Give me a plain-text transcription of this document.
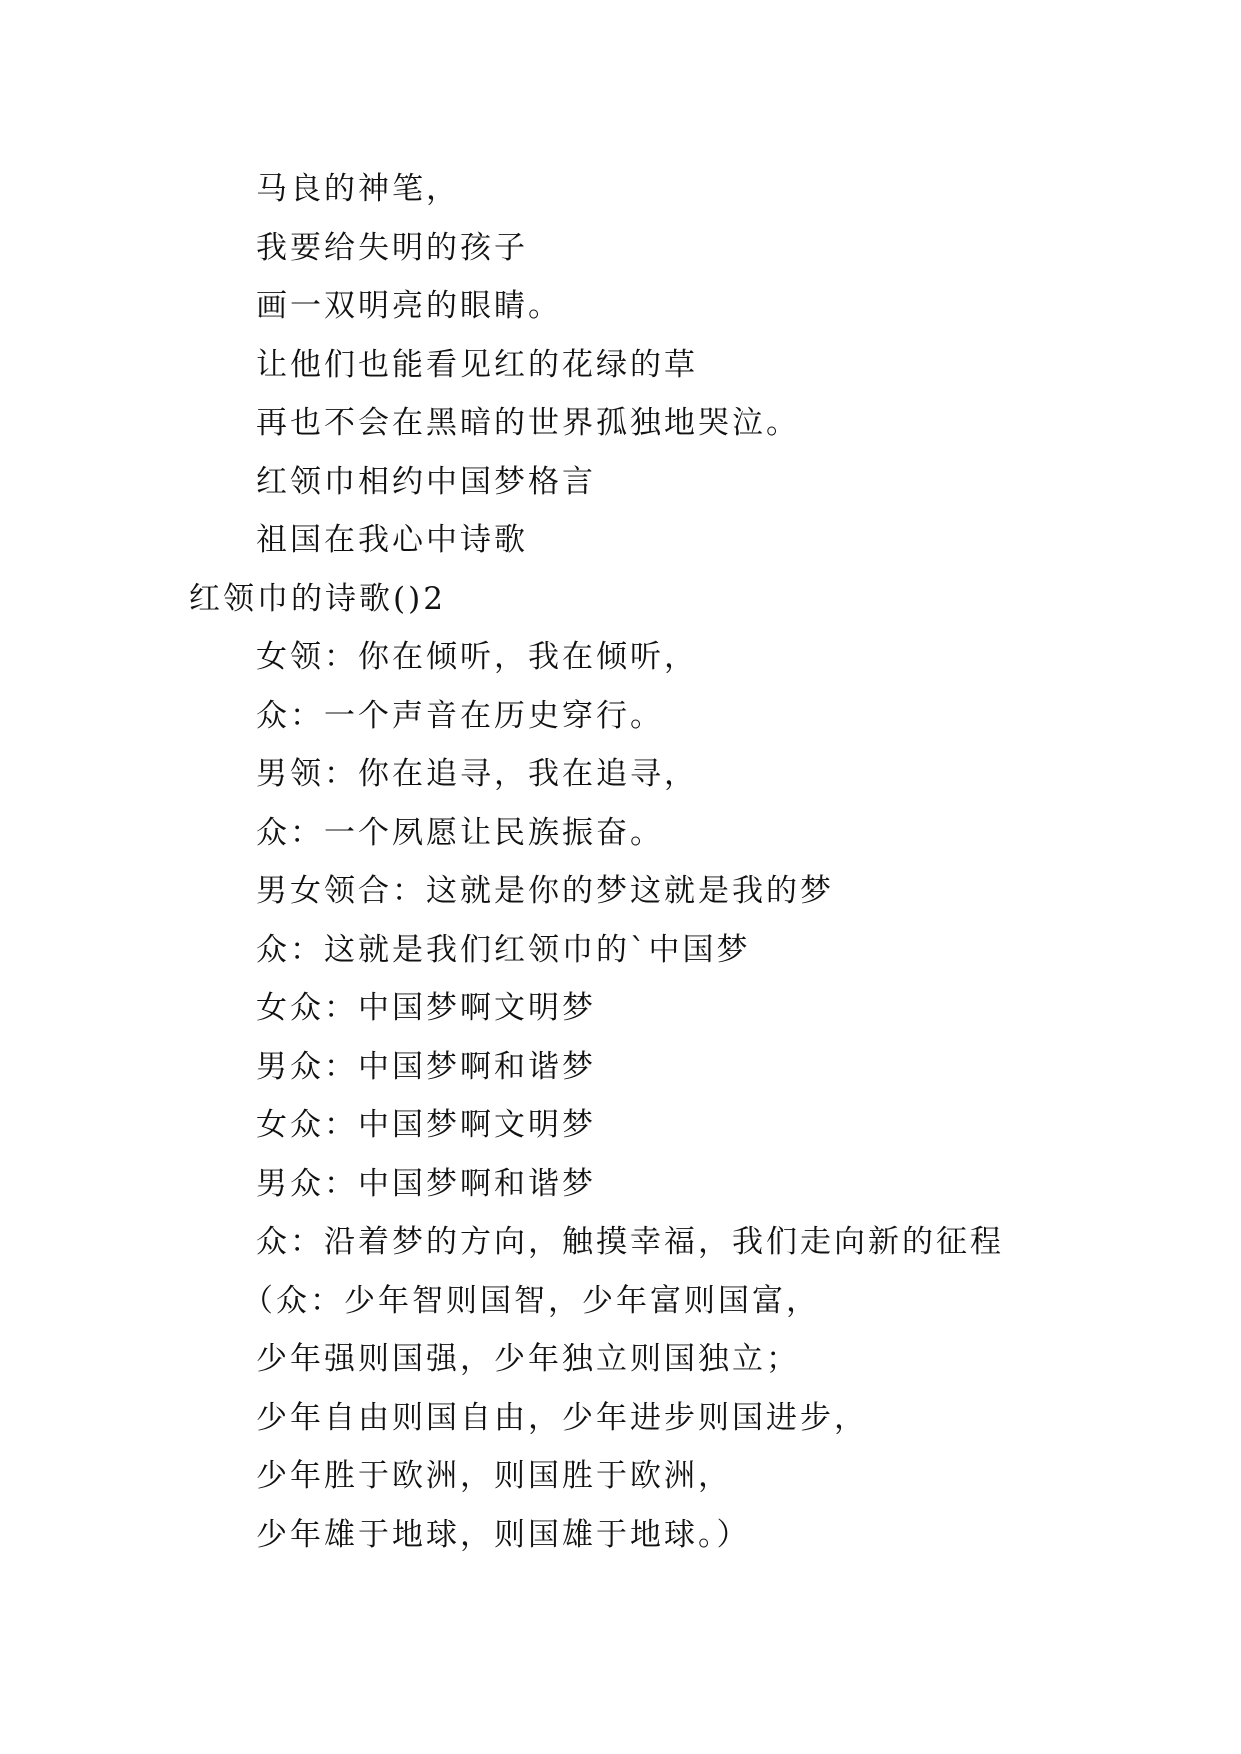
马良的神笔，
我要给失明的孩子
画一双明亮的眼睛。
让他们也能看见红的花绿的草
再也不会在黑暗的世界孤独地哭泣。
红领巾相约中国梦格言
祖国在我心中诗歌
红领巾的诗歌()2
女领：你在倾听，我在倾听，
众：一个声音在历史穿行。
男领：你在追寻，我在追寻，
众：一个夙愿让民族振奋。
男女领合：这就是你的梦这就是我的梦
众：这就是我们红领巾的`中国梦
女众：中国梦啊文明梦
男众：中国梦啊和谐梦
女众：中国梦啊文明梦
男众：中国梦啊和谐梦
众：沿着梦的方向，触摸幸福，我们走向新的征程
（众：少年智则国智，少年富则国富，
少年强则国强，少年独立则国独立；
少年自由则国自由，少年进步则国进步，
少年胜于欧洲，则国胜于欧洲，
少年雄于地球，则国雄于地球。）
